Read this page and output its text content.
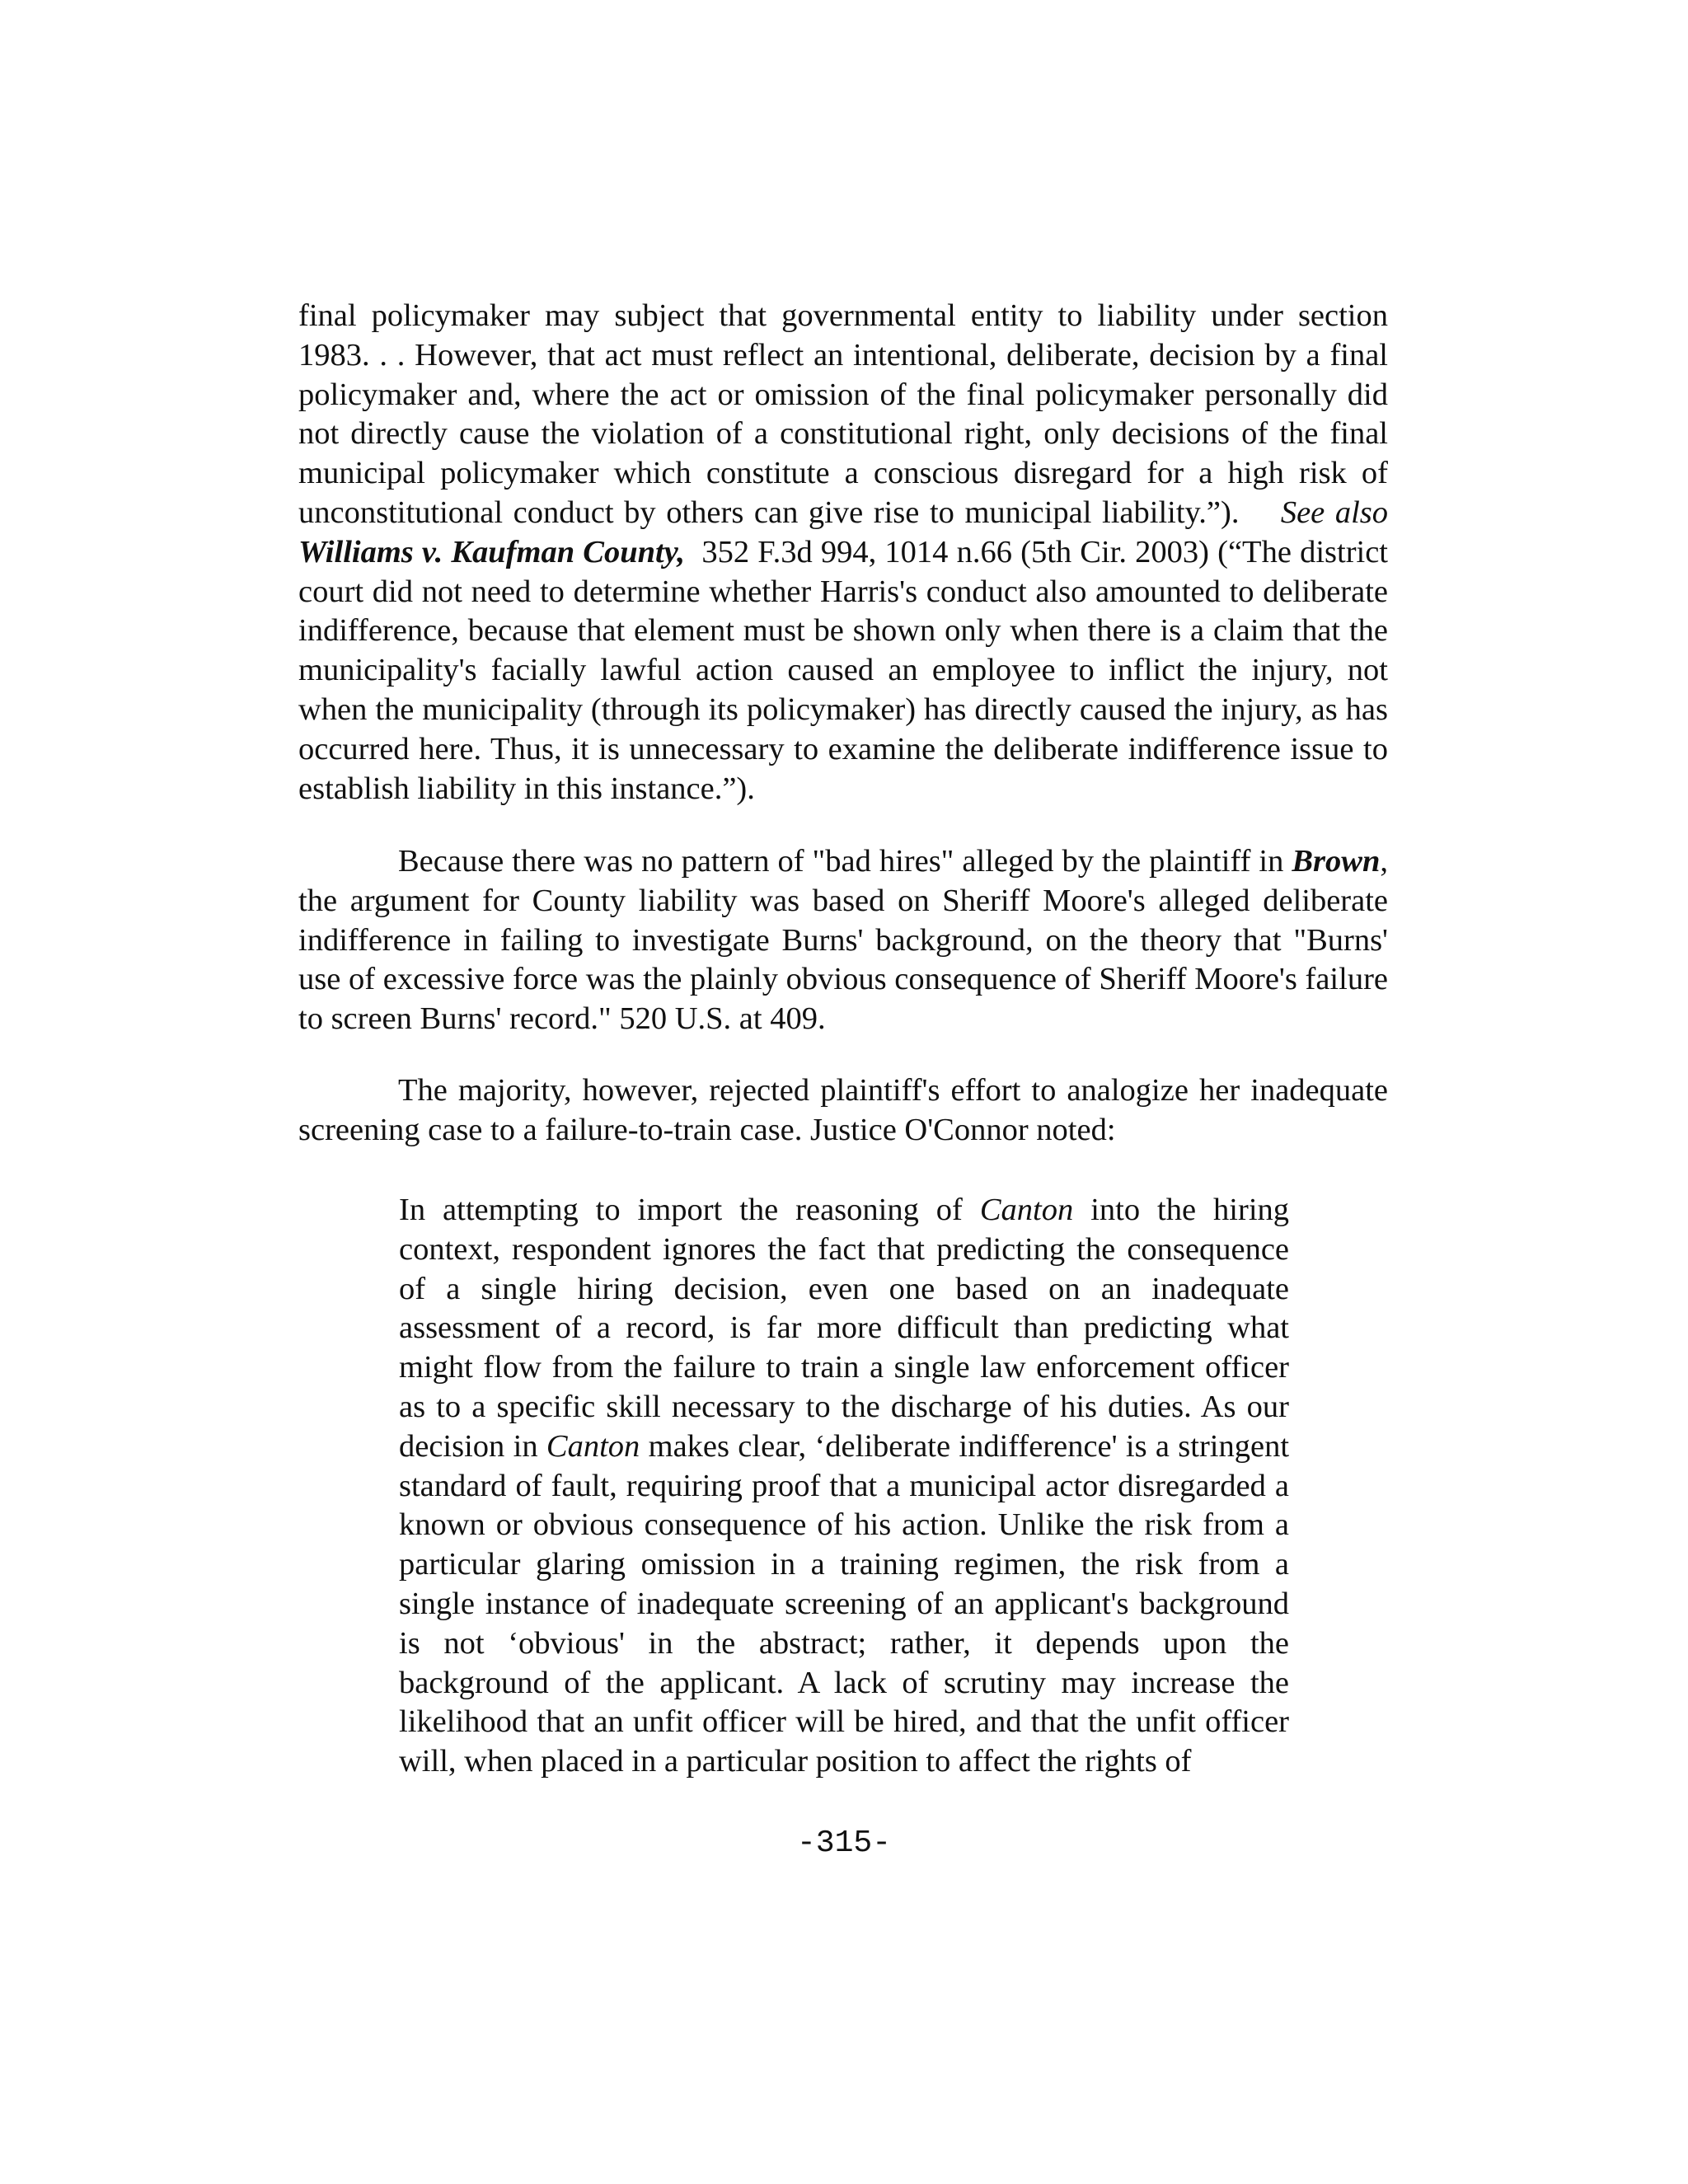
final policymaker may subject that governmental entity to liability under section 1983. . . However, that act must reflect an intentional, deliberate, decision by a final policymaker and, where the act or omission of the final policymaker personally did not directly cause the violation of a constitutional right, only decisions of the final municipal policymaker which constitute a conscious disregard for a high risk of unconstitutional conduct by others can give rise to municipal liability.”). See also Williams v. Kaufman County, 352 F.3d 994, 1014 n.66 (5th Cir. 2003) (“The district court did not need to determine whether Harris's conduct also amounted to deliberate indifference, because that element must be shown only when there is a claim that the municipality's facially lawful action caused an employee to inflict the injury, not when the municipality (through its policymaker) has directly caused the injury, as has occurred here. Thus, it is unnecessary to examine the deliberate indifference issue to establish liability in this instance.”).

Because there was no pattern of "bad hires" alleged by the plaintiff in Brown, the argument for County liability was based on Sheriff Moore's alleged deliberate indifference in failing to investigate Burns' background, on the theory that "Burns' use of excessive force was the plainly obvious consequence of Sheriff Moore's failure to screen Burns' record." 520 U.S. at 409.

The majority, however, rejected plaintiff's effort to analogize her inadequate screening case to a failure-to-train case. Justice O'Connor noted:

In attempting to import the reasoning of Canton into the hiring context, respondent ignores the fact that predicting the consequence of a single hiring decision, even one based on an inadequate assessment of a record, is far more difficult than predicting what might flow from the failure to train a single law enforcement officer as to a specific skill necessary to the discharge of his duties. As our decision in Canton makes clear, ‘deliberate indifference' is a stringent standard of fault, requiring proof that a municipal actor disregarded a known or obvious consequence of his action. Unlike the risk from a particular glaring omission in a training regimen, the risk from a single instance of inadequate screening of an applicant's background is not ‘obvious' in the abstract; rather, it depends upon the background of the applicant. A lack of scrutiny may increase the likelihood that an unfit officer will be hired, and that the unfit officer will, when placed in a particular position to affect the rights of

-315-
